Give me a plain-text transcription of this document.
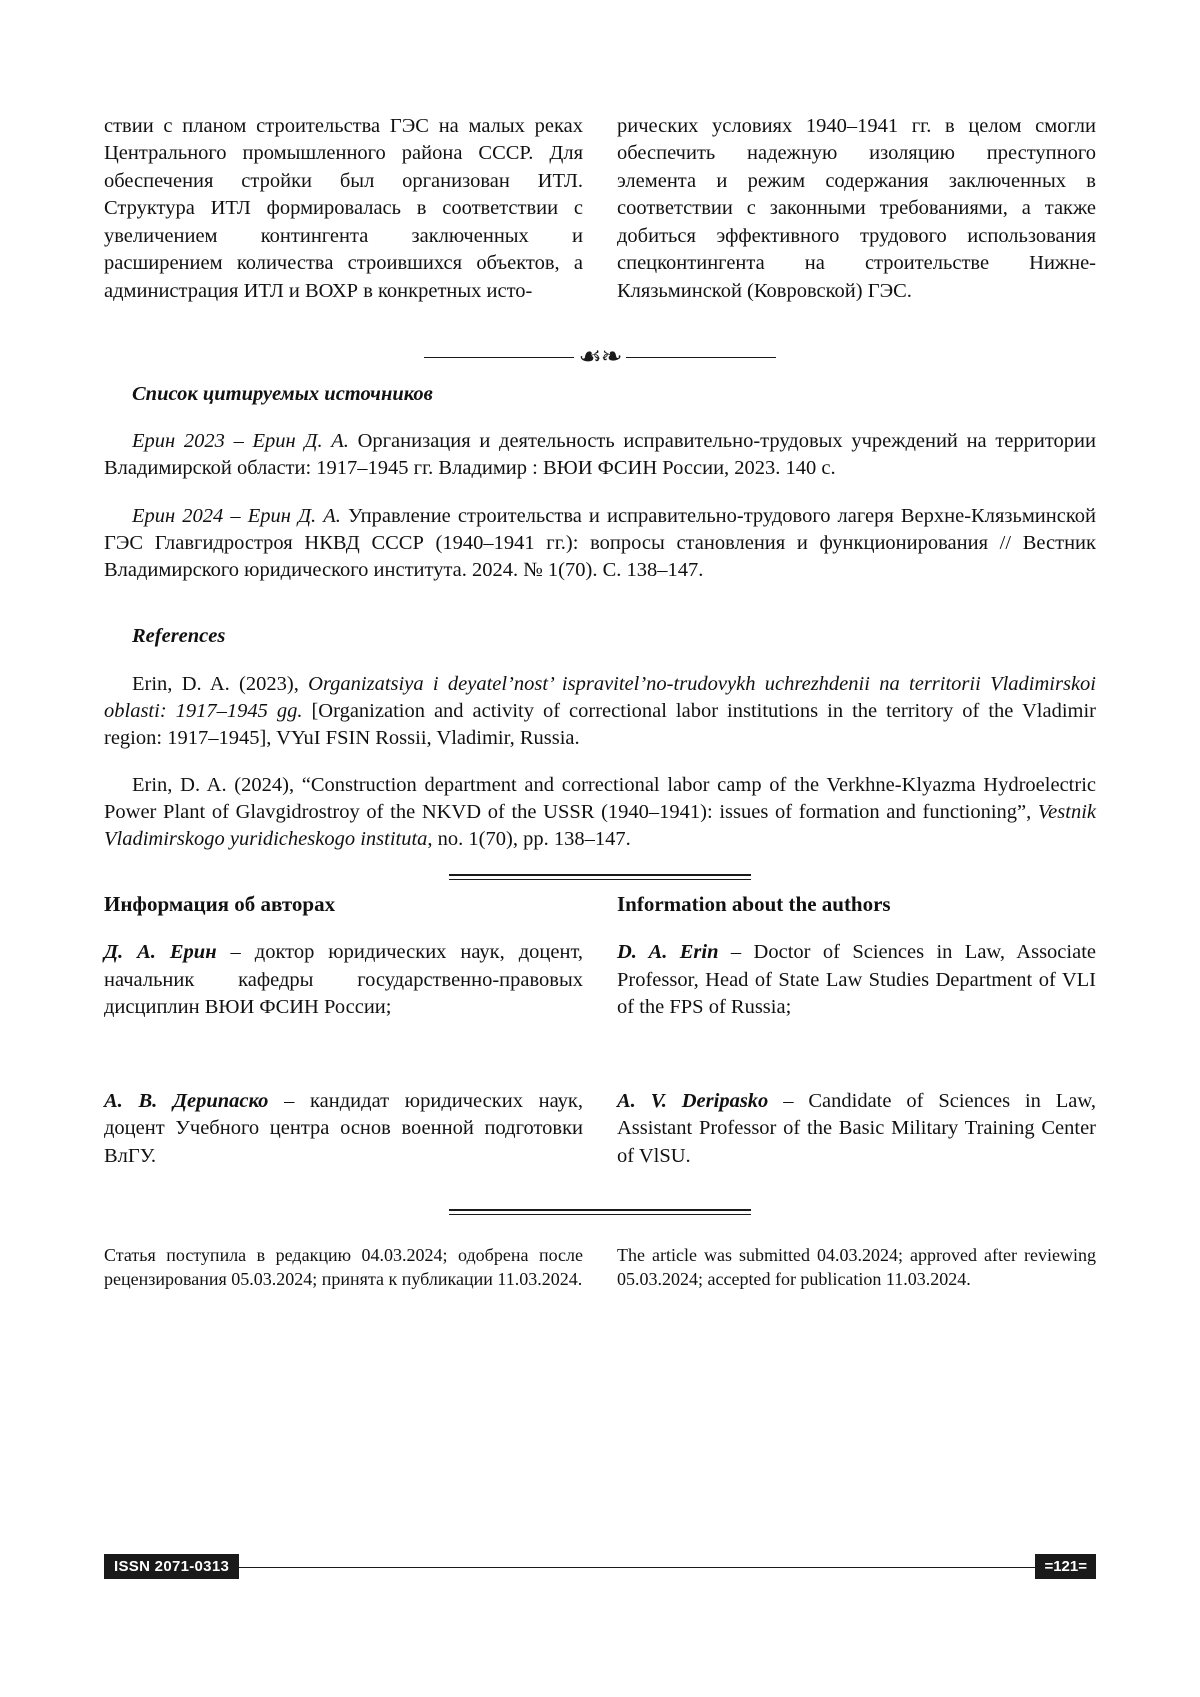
ствии с планом строительства ГЭС на малых реках Центрального промышленного района СССР. Для обеспечения стройки был организован ИТЛ. Структура ИТЛ формировалась в соответствии с увеличением контингента заключенных и расширением количества строившихся объектов, а администрация ИТЛ и ВОХР в конкретных исто-

рических условиях 1940–1941 гг. в целом смогли обеспечить надежную изоляцию преступного элемента и режим содержания заключенных в соответствии с законными требованиями, а также добиться эффективного трудового использования спецконтингента на строительстве Нижне-Клязьминской (Ковровской) ГЭС.

☙❧
Список цитируемых источников

Ерин 2023 – Ерин Д. А. Организация и деятельность исправительно-трудовых учреждений на территории Владимирской области: 1917–1945 гг. Владимир : ВЮИ ФСИН России, 2023. 140 с.

Ерин 2024 – Ерин Д. А. Управление строительства и исправительно-трудового лагеря Верхне-Клязьминской ГЭС Главгидростроя НКВД СССР (1940–1941 гг.): вопросы становления и функционирования // Вестник Владимирского юридического института. 2024. № 1(70). С. 138–147.

References

Erin, D. A. (2023), Organizatsiya i deyatel’nost’ ispravitel’no-trudovykh uchrezhdenii na territorii Vladimirskoi oblasti: 1917–1945 gg. [Organization and activity of correctional labor institutions in the territory of the Vladimir region: 1917–1945], VYuI FSIN Rossii, Vladimir, Russia.

Erin, D. A. (2024), “Construction department and correctional labor camp of the Verkhne-Klyazma Hydroelectric Power Plant of Glavgidrostroy of the NKVD of the USSR (1940–1941): issues of formation and functioning”, Vestnik Vladimirskogo yuridicheskogo instituta, no. 1(70), pp. 138–147.

Информация об авторах

Д. А. Ерин – доктор юридических наук, доцент, начальник кафедры государственно-правовых дисциплин ВЮИ ФСИН России;

А. В. Дерипаско – кандидат юридических наук, доцент Учебного центра основ военной подготовки ВлГУ.

Information about the authors

D. A. Erin – Doctor of Sciences in Law, Associate Professor, Head of State Law Studies Department of VLI of the FPS of Russia;

A. V. Deripasko – Candidate of Sciences in Law, Assistant Professor of the Basic Military Training Center of VlSU.

Статья поступила в редакцию 04.03.2024; одобрена после рецензирования 05.03.2024; принята к публикации 11.03.2024.

The article was submitted 04.03.2024; approved after reviewing 05.03.2024; accepted for publication 11.03.2024.

ISSN 2071-0313	=121=
